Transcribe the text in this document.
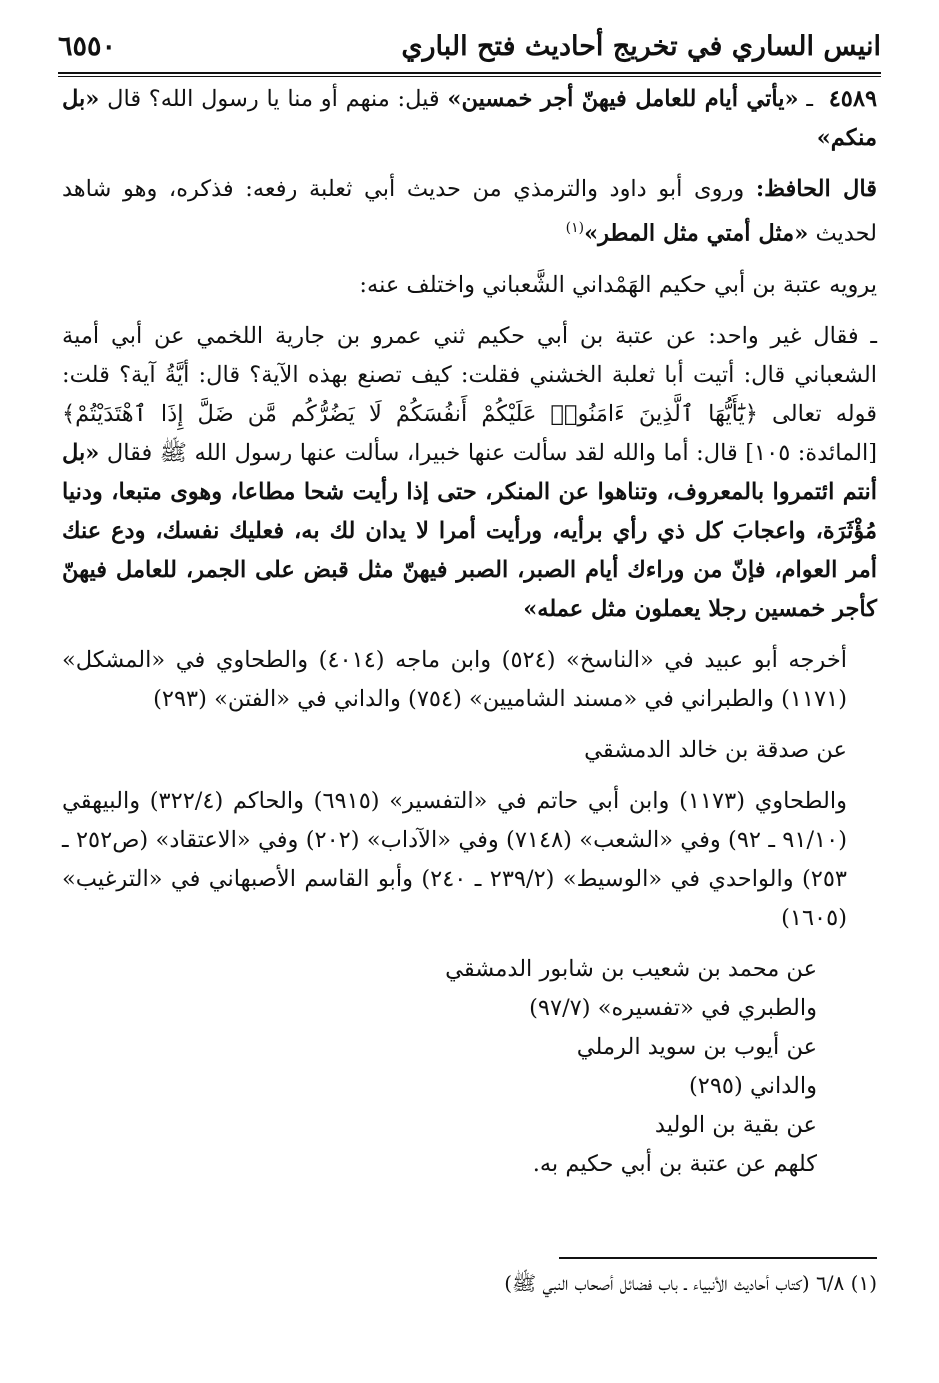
انيس الساري في تخريج أحاديث فتح الباري
٦٥٥٠

٤٥٨٩ ـ «يأتي أيام للعامل فيهنّ أجر خمسين» قيل: منهم أو منا يا رسول الله؟ قال «بل منكم»

قال الحافظ: وروى أبو داود والترمذي من حديث أبي ثعلبة رفعه: فذكره، وهو شاهد لحديث «مثل أمتي مثل المطر»$^{(١)}$

يرويه عتبة بن أبي حكيم الهَمْداني الشَّعباني واختلف عنه:

ـ فقال غير واحد: عن عتبة بن أبي حكيم ثني عمرو بن جارية اللخمي عن أبي أمية الشعباني قال: أتيت أبا ثعلبة الخشني فقلت: كيف تصنع بهذه الآية؟ قال: أيَّةُ آية؟ قلت: قوله تعالى ﴿يَٰٓأَيُّهَا ٱلَّذِينَ ءَامَنُوا۟ عَلَيْكُمْ أَنفُسَكُمْ لَا يَضُرُّكُم مَّن ضَلَّ إِذَا ٱهْتَدَيْتُمْ﴾ [المائدة: ١٠٥] قال: أما والله لقد سألت عنها خبيرا، سألت عنها رسول الله ﷺ فقال «بل أنتم ائتمروا بالمعروف، وتناهوا عن المنكر، حتى إذا رأيت شحا مطاعا، وهوى متبعا، ودنيا مُؤْثَرَة، واعجابَ كل ذي رأي برأيه، ورأيت أمرا لا يدان لك به، فعليك نفسك، ودع عنك أمر العوام، فإنّ من وراءك أيام الصبر، الصبر فيهنّ مثل قبض على الجمر، للعامل فيهنّ كأجر خمسين رجلا يعملون مثل عمله»

أخرجه أبو عبيد في «الناسخ» (٥٢٤) وابن ماجه (٤٠١٤) والطحاوي في «المشكل» (١١٧١) والطبراني في «مسند الشاميين» (٧٥٤) والداني في «الفتن» (٢٩٣)

عن صدقة بن خالد الدمشقي

والطحاوي (١١٧٣) وابن أبي حاتم في «التفسير» (٦٩١٥) والحاكم (٣٢٢/٤) والبيهقي (٩١/١٠ ـ ٩٢) وفي «الشعب» (٧١٤٨) وفي «الآداب» (٢٠٢) وفي «الاعتقاد» (ص٢٥٢ ـ ٢٥٣) والواحدي في «الوسيط» (٢٣٩/٢ ـ ٢٤٠) وأبو القاسم الأصبهاني في «الترغيب» (١٦٠٥)

عن محمد بن شعيب بن شابور الدمشقي
والطبري في «تفسيره» (٩٧/٧)
عن أيوب بن سويد الرملي
والداني (٢٩٥)
عن بقية بن الوليد
كلهم عن عتبة بن أبي حكيم به.
(١) ٦/٨ (كتاب أحاديث الأنبياء ـ باب فضائل أصحاب النبي ﷺ)
